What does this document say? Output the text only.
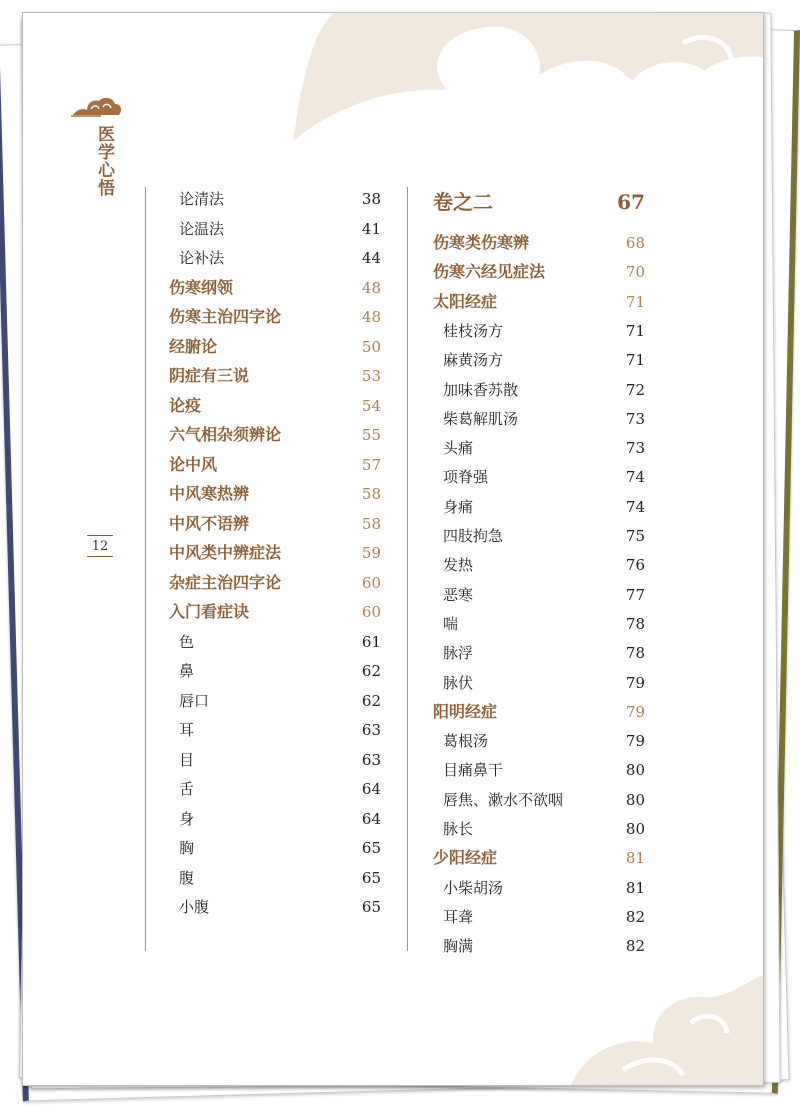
医学心悟
12
论清法	38
论温法	41
论补法	44
伤寒纲领	48
伤寒主治四字论	48
经腑论	50
阴症有三说	53
论疫	54
六气相杂须辨论	55
论中风	57
中风寒热辨	58
中风不语辨	58
中风类中辨症法	59
杂症主治四字论	60
入门看症诀	60
色	61
鼻	62
唇口	62
耳	63
目	63
舌	64
身	64
胸	65
腹	65
小腹	65
卷之二	67
伤寒类伤寒辨	68
伤寒六经见症法	70
太阳经症	71
桂枝汤方	71
麻黄汤方	71
加味香苏散	72
柴葛解肌汤	73
头痛	73
项脊强	74
身痛	74
四肢拘急	75
发热	76
恶寒	77
喘	78
脉浮	78
脉伏	79
阳明经症	79
葛根汤	79
目痛鼻干	80
唇焦、漱水不欲咽	80
脉长	80
少阳经症	81
小柴胡汤	81
耳聋	82
胸满	82
